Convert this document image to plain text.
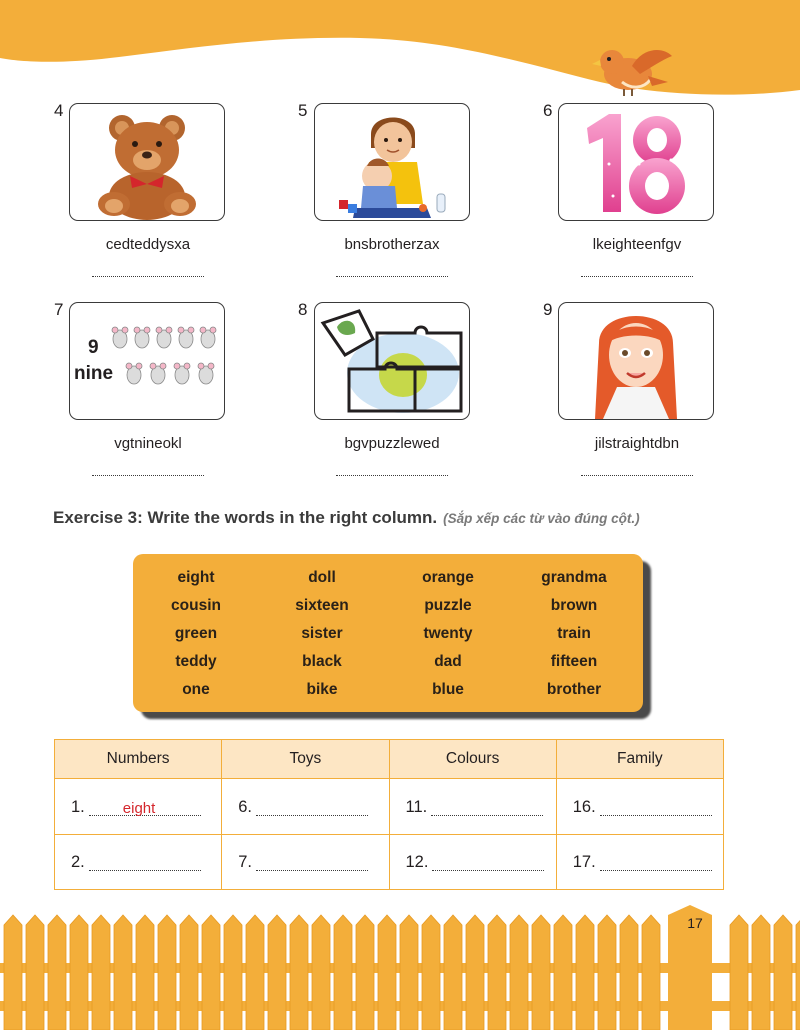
4
cedteddysxa
5
bnsbrotherzax
6
lkeighteenfgv
7
9
nine
vgtnineokl
8
bgvpuzzlewed
9
jilstraightdbn
Exercise 3: Write the words in the right column. (Sắp xếp các từ vào đúng cột.)
eight	doll	orange	grandma
cousin	sixteen	puzzle	brown
green	sister	twenty	train
teddy	black	dad	fifteen
one	bike	blue	brother
Numbers	Toys	Colours	Family

1. eight	6.	11.	16.

2.	7.	12.	17.
17
